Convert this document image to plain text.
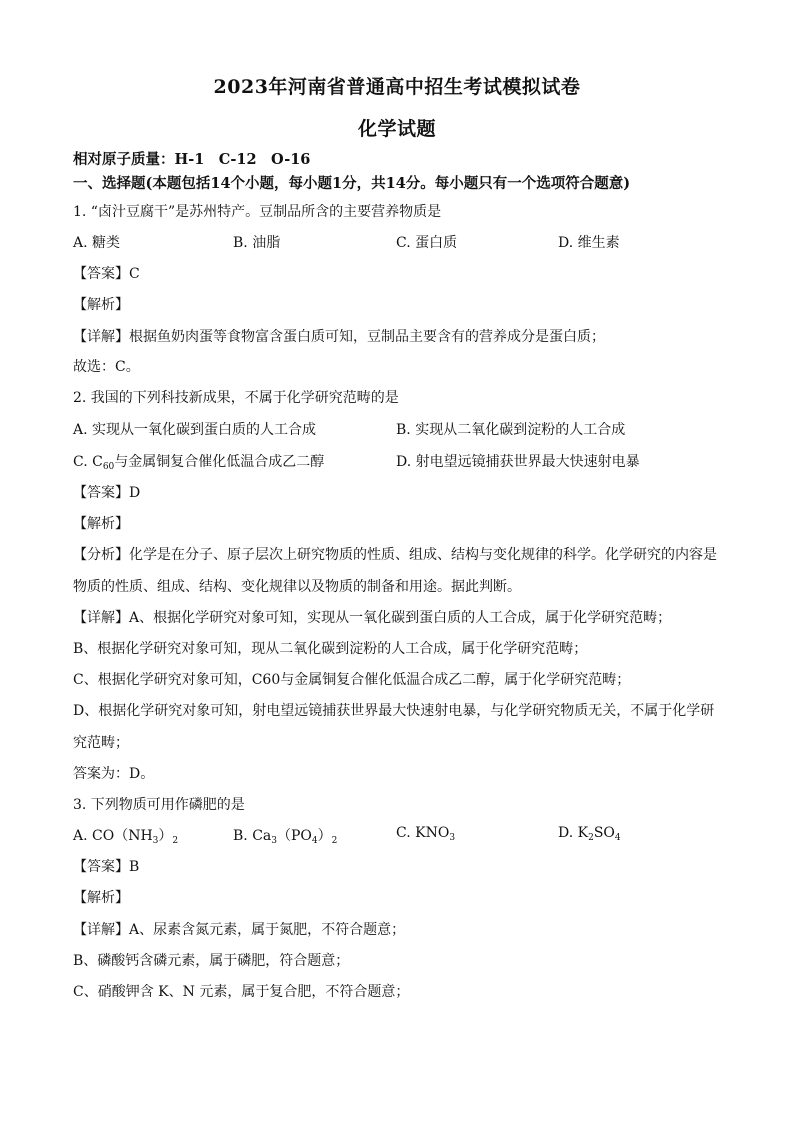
2023年河南省普通高中招生考试模拟试卷
化学试题
相对原子质量：H-1　C-12　O-16
一、选择题(本题包括14个小题，每小题1分，共14分。每小题只有一个选项符合题意)
1. “卤汁豆腐干”是苏州特产。豆制品所含的主要营养物质是
A. 糖类	B. 油脂	C. 蛋白质	D. 维生素
【答案】C
【解析】
【详解】根据鱼奶肉蛋等食物富含蛋白质可知，豆制品主要含有的营养成分是蛋白质；
故选：C。
2. 我国的下列科技新成果，不属于化学研究范畴的是
A. 实现从一氧化碳到蛋白质的人工合成	B. 实现从二氧化碳到淀粉的人工合成
C. $C_{60}$与金属铜复合催化低温合成乙二醇	D. 射电望远镜捕获世界最大快速射电暴
【答案】D
【解析】
【分析】化学是在分子、原子层次上研究物质的性质、组成、结构与变化规律的科学。化学研究的内容是
物质的性质、组成、结构、变化规律以及物质的制备和用途。据此判断。
【详解】A、根据化学研究对象可知，实现从一氧化碳到蛋白质的人工合成，属于化学研究范畴；
B、根据化学研究对象可知，现从二氧化碳到淀粉的人工合成，属于化学研究范畴；
C、根据化学研究对象可知，C60与金属铜复合催化低温合成乙二醇，属于化学研究范畴；
D、根据化学研究对象可知，射电望远镜捕获世界最大快速射电暴，与化学研究物质无关，不属于化学研
究范畴；
答案为：D。
3. 下列物质可用作磷肥的是
A. $CO(NH_3)_2$	B. $Ca_3(PO_4)_2$	C. $KNO_3$	D. $K_2SO_4$
【答案】B
【解析】
【详解】A、尿素含氮元素，属于氮肥，不符合题意；
B、磷酸钙含磷元素，属于磷肥，符合题意；
C、硝酸钾含 K、N 元素，属于复合肥，不符合题意；
